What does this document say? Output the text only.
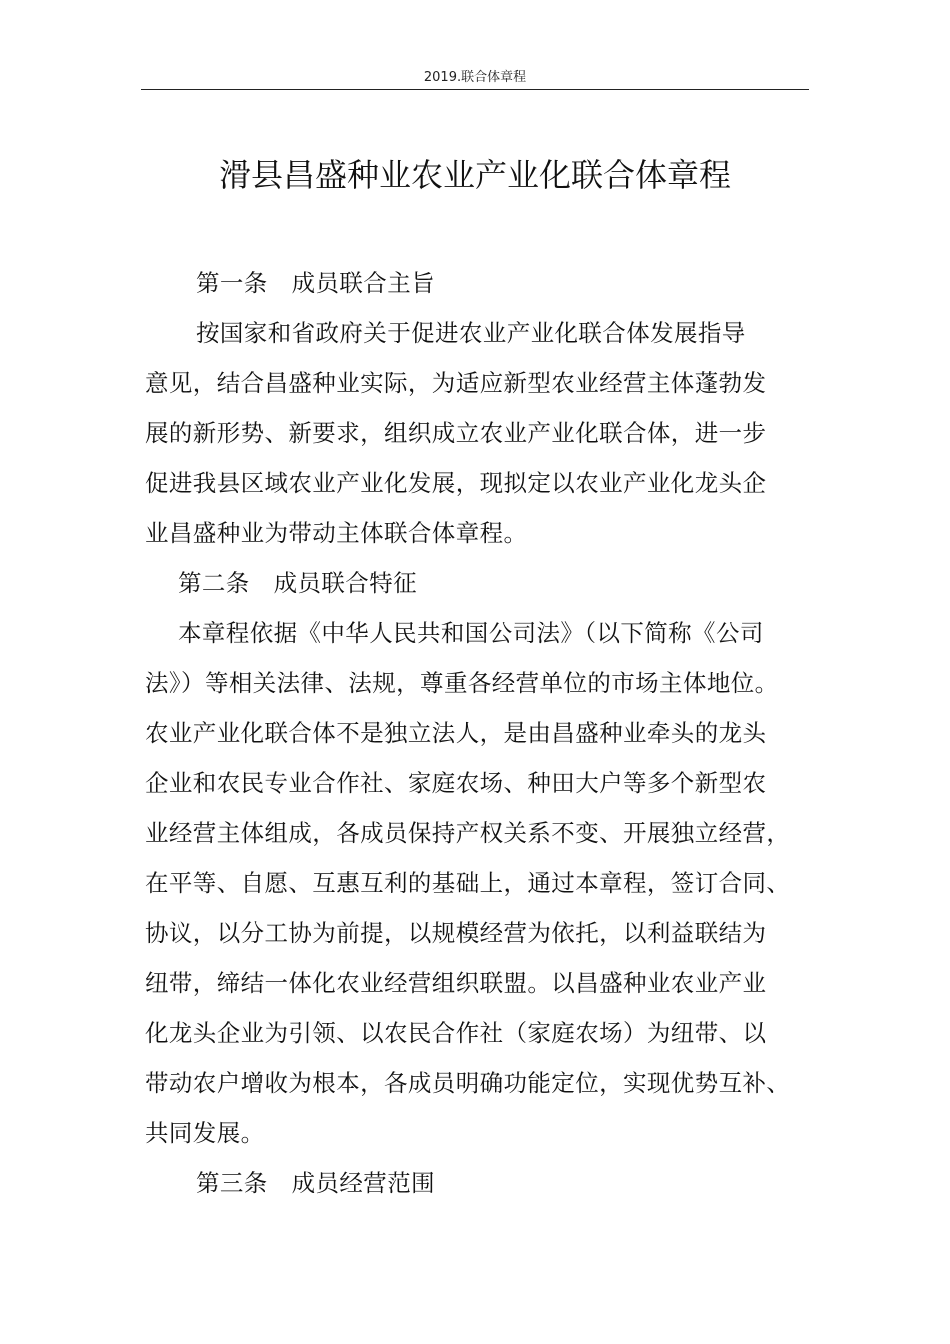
2019.联合体章程
滑县昌盛种业农业产业化联合体章程
第一条　成员联合主旨
按国家和省政府关于促进农业产业化联合体发展指导
意见，结合昌盛种业实际，为适应新型农业经营主体蓬勃发
展的新形势、新要求，组织成立农业产业化联合体，进一步
促进我县区域农业产业化发展，现拟定以农业产业化龙头企
业昌盛种业为带动主体联合体章程。
第二条　成员联合特征
本章程依据《中华人民共和国公司法》（以下简称《公司
法》）等相关法律、法规，尊重各经营单位的市场主体地位。
农业产业化联合体不是独立法人，是由昌盛种业牵头的龙头
企业和农民专业合作社、家庭农场、种田大户等多个新型农
业经营主体组成，各成员保持产权关系不变、开展独立经营，
在平等、自愿、互惠互利的基础上，通过本章程，签订合同、
协议，以分工协为前提，以规模经营为依托，以利益联结为
纽带，缔结一体化农业经营组织联盟。以昌盛种业农业产业
化龙头企业为引领、以农民合作社（家庭农场）为纽带、以
带动农户增收为根本，各成员明确功能定位，实现优势互补、
共同发展。
第三条　成员经营范围
